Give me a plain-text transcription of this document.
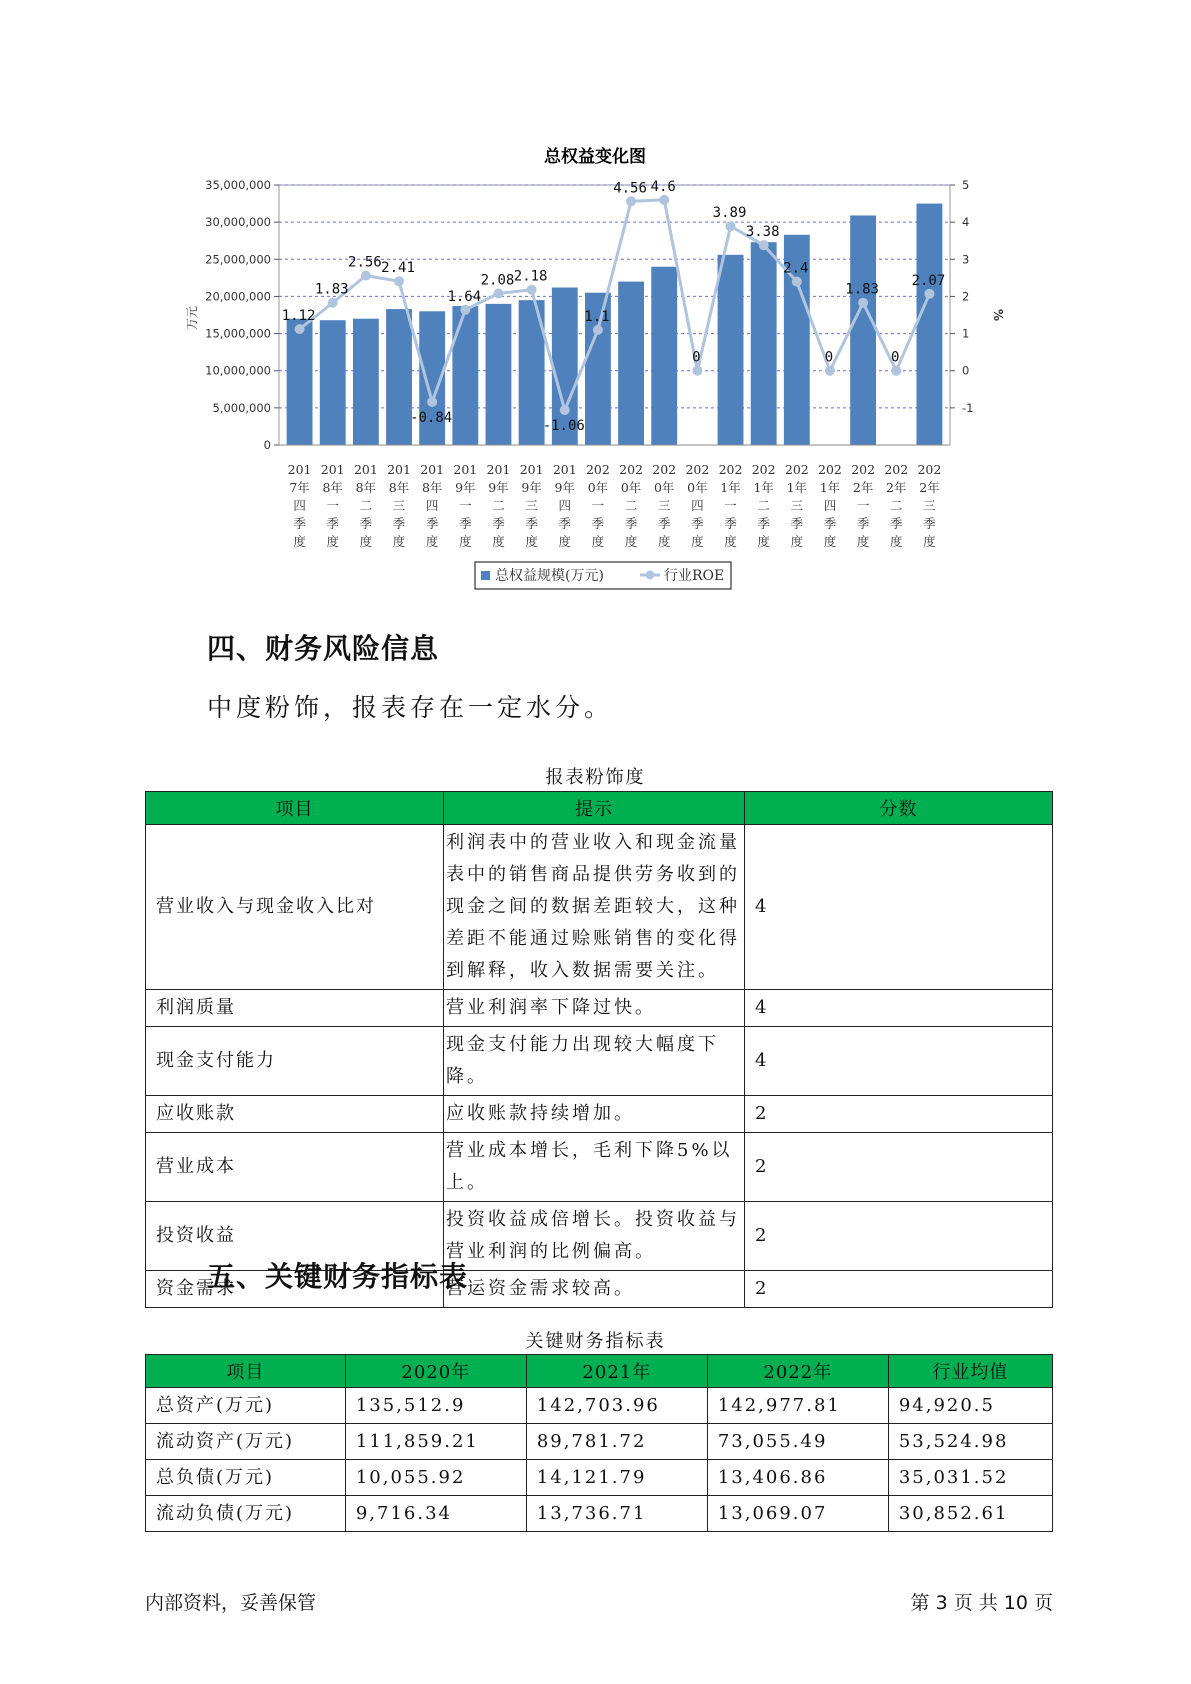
总权益变化图
0
5,000,000
10,000,000
15,000,000
20,000,000
25,000,000
30,000,000
35,000,000
-1
0
1
2
3
4
5
万元	%
1.12
1.83
2.56 2.41
-0.84
1.64
2.08 2.18
-1.06
1.1
4.56 4.6
0
3.89
3.38
2.4
0
1.83
0
2.07
201 7年四季度
201 8年一季度
201 8年二季度
201 8年三季度
201 8年四季度
201 9年一季度
201 9年二季度
201 9年三季度
201 9年四季度
202 0年一季度
202 0年二季度
202 0年三季度
202 0年四季度
202 1年一季度
202 1年二季度
202 1年三季度
202 1年四季度
202 2年一季度
202 2年二季度
202 2年三季度
总权益规模(万元)	行业ROE
四、财务风险信息

中度粉饰，报表存在一定水分。

报表粉饰度
项目	提示	分数
营业收入与现金收入比对	利润表中的营业收入和现金流量表中的销售商品提供劳务收到的现金之间的数据差距较大，这种差距不能通过赊账销售的变化得到解释，收入数据需要关注。	4
利润质量	营业利润率下降过快。	4
现金支付能力	现金支付能力出现较大幅度下降。	4
应收账款	应收账款持续增加。	2
营业成本	营业成本增长，毛利下降5%以上。	2
投资收益	投资收益成倍增长。投资收益与营业利润的比例偏高。	2
资金需求	营运资金需求较高。	2
五、关键财务指标表
关键财务指标表
项目	2020年	2021年	2022年	行业均值
总资产(万元)	135,512.9	142,703.96	142,977.81	94,920.5
流动资产(万元)	111,859.21	89,781.72	73,055.49	53,524.98
总负债(万元)	10,055.92	14,121.79	13,406.86	35,031.52
流动负债(万元)	9,716.34	13,736.71	13,069.07	30,852.61
内部资料，妥善保管	第 3 页 共 10 页
